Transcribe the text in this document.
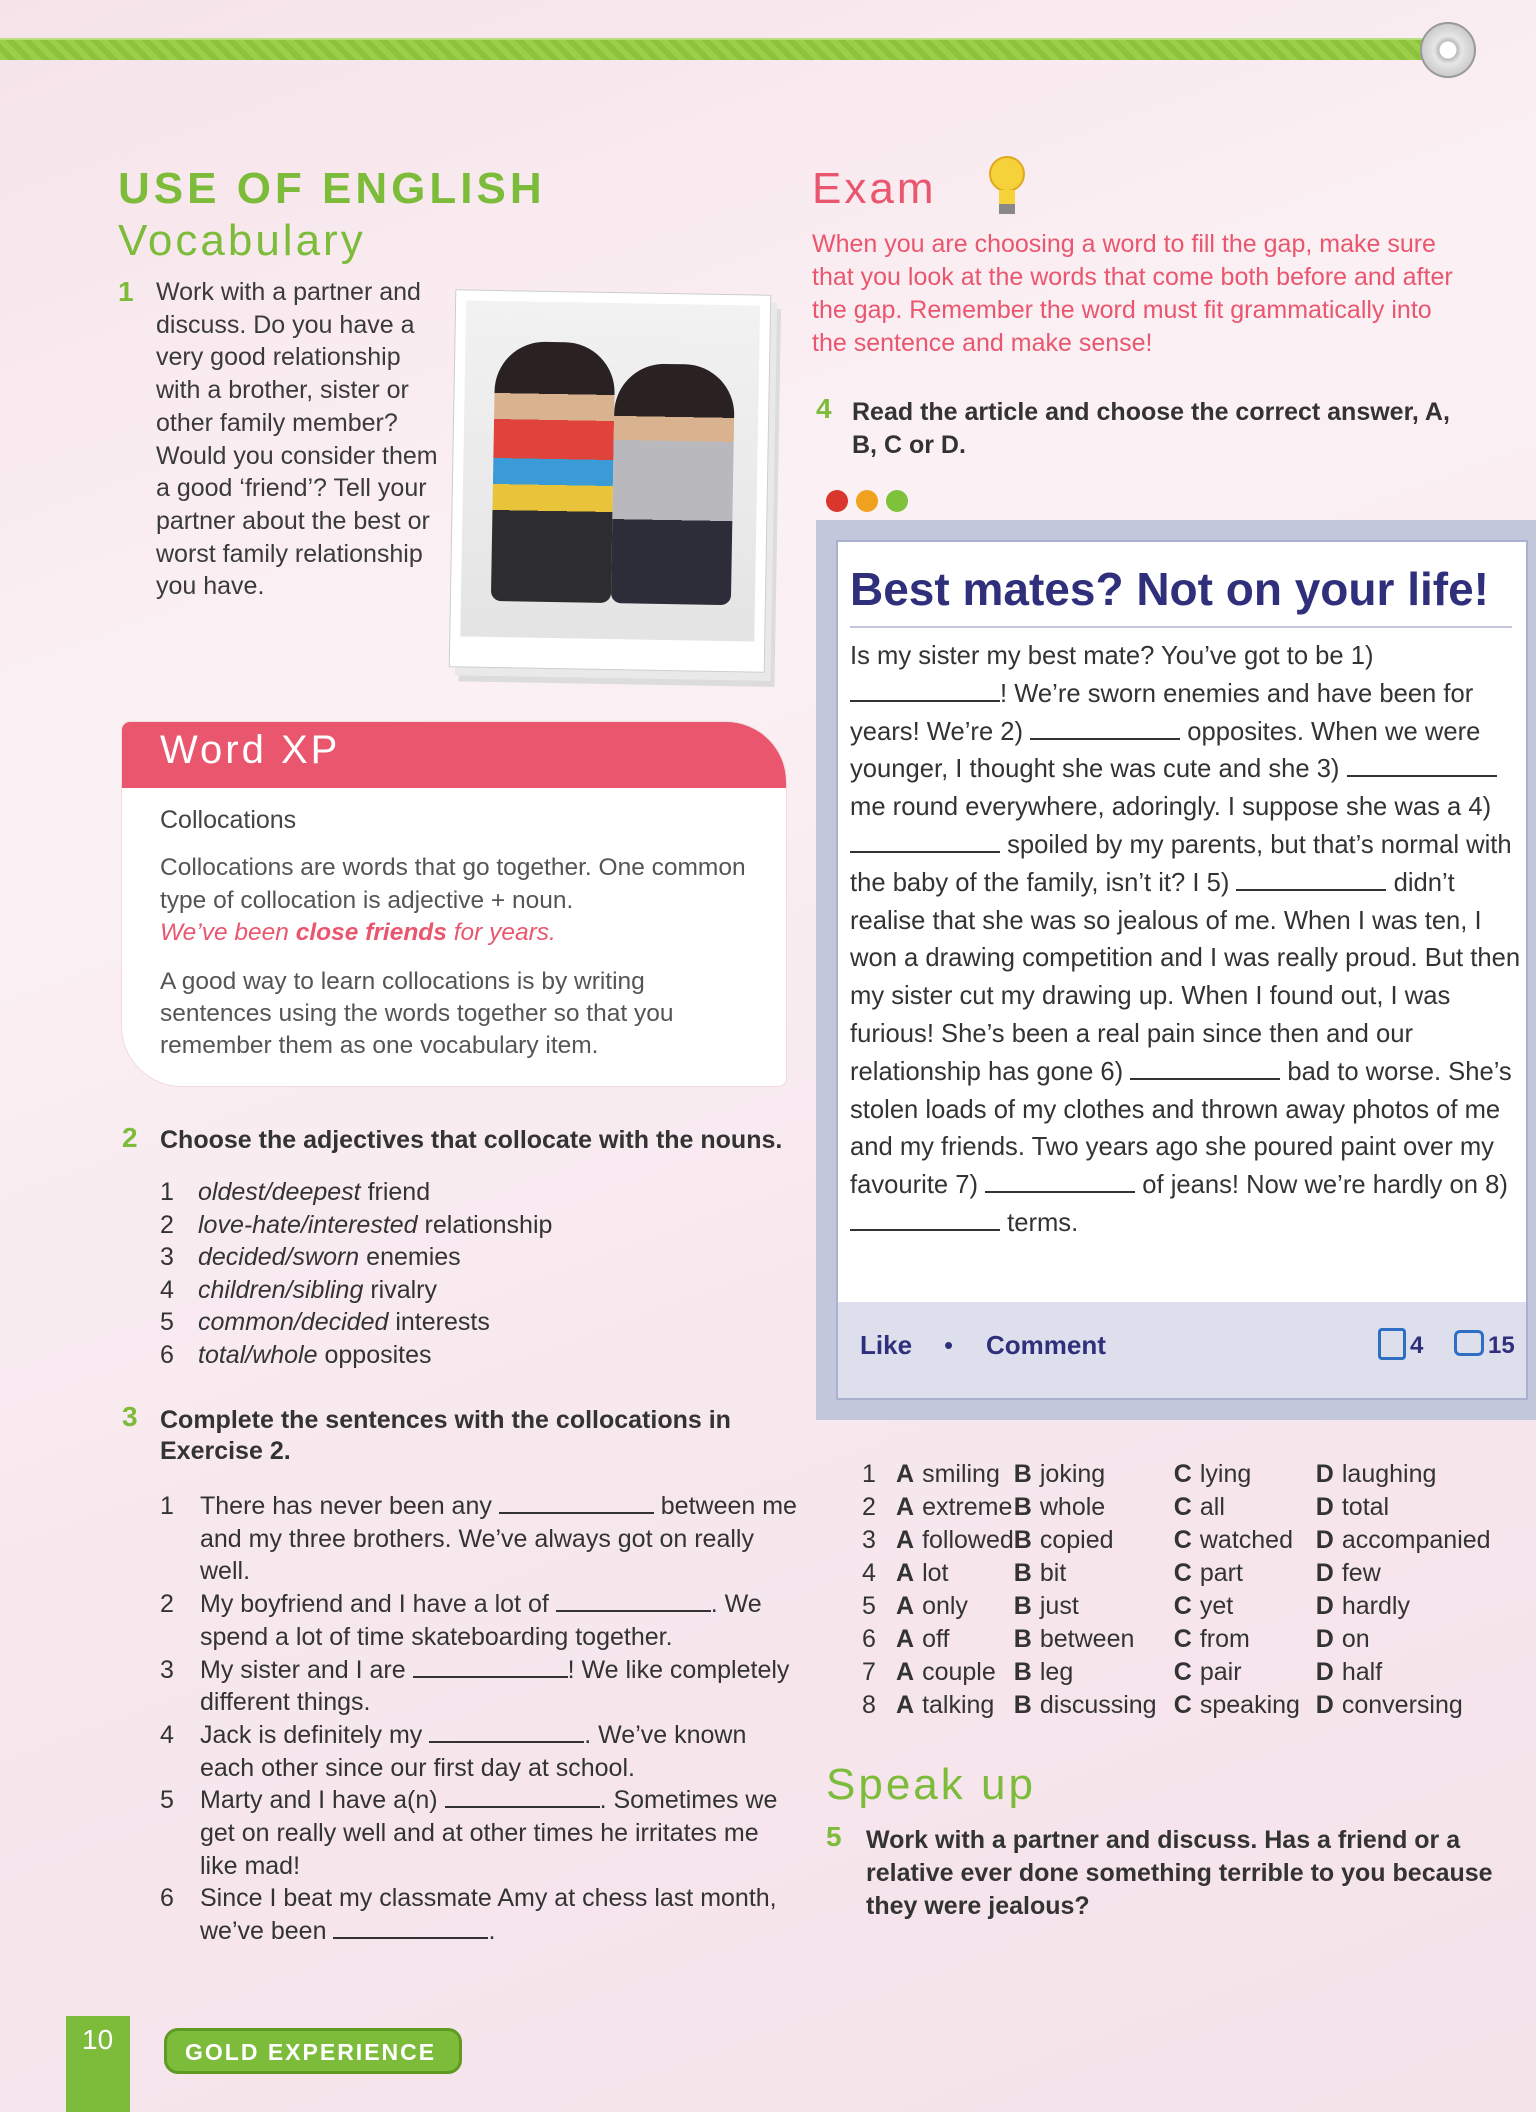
USE OF ENGLISH
Vocabulary
1 Work with a partner and discuss. Do you have a very good relationship with a brother, sister or other family member? Would you consider them a good ‘friend’? Tell your partner about the best or worst family relationship you have.

Word XP
Collocations

Collocations are words that go together. One common type of collocation is adjective + noun.

We’ve been close friends for years.

A good way to learn collocations is by writing sentences using the words together so that you remember them as one vocabulary item.

2 Choose the adjectives that collocate with the nouns.
1 oldest/deepest friend
2 love-hate/interested relationship
3 decided/sworn enemies
4 children/sibling rivalry
5 common/decided interests
6 total/whole opposites
3 Complete the sentences with the collocations in Exercise 2.

1 There has never been any	between me and my three brothers. We’ve always got on really well.
2 My boyfriend and I have a lot of	. We spend a lot of time skateboarding together.
3 My sister and I are	! We like completely different things.
4 Jack is definitely my	. We’ve known each other since our first day at school.
5 Marty and I have a(n)	. Sometimes we get on really well and at other times he irritates me like mad!
6 Since I beat my classmate Amy at chess last month, we’ve been	.
10	GOLD EXPERIENCE
Exam
When you are choosing a word to fill the gap, make sure that you look at the words that come both before and after the gap. Remember the word must fit grammatically into the sentence and make sense!
4 Read the article and choose the correct answer, A, B, C or D.

Best mates? Not on your life!
Is my sister my best mate? You’ve got to be 1) ! We’re sworn enemies and have been for years! We’re 2)	opposites. When we were younger, I thought she was cute and she 3)  me round everywhere, adoringly. I suppose she was a 4)  spoiled by my parents, but that’s normal with the baby of the family, isn’t it? I 5)	didn’t realise that she was so jealous of me. When I was ten, I won a drawing competition and I was really proud. But then my sister cut my drawing up. When I found out, I was furious! She’s been a real pain since then and our relationship has gone 6)	bad to worse. She’s stolen loads of my clothes and thrown away photos of me and my friends. Two years ago she poured paint over my favourite 7)	of jeans! Now we’re hardly on 8)  terms.
Like • Comment	4	15
1	A smiling	B joking	C lying	D laughing
2	A extreme	B whole	C all	D total
3	A followed	B copied	C watched	D accompanied
4	A lot	B bit	C part	D few
5	A only	B just	C yet	D hardly
6	A off	B between	C from	D on
7	A couple	B leg	C pair	D half
8	A talking	B discussing	C speaking	D conversing
Speak up
5 Work with a partner and discuss. Has a friend or a relative ever done something terrible to you because they were jealous?
